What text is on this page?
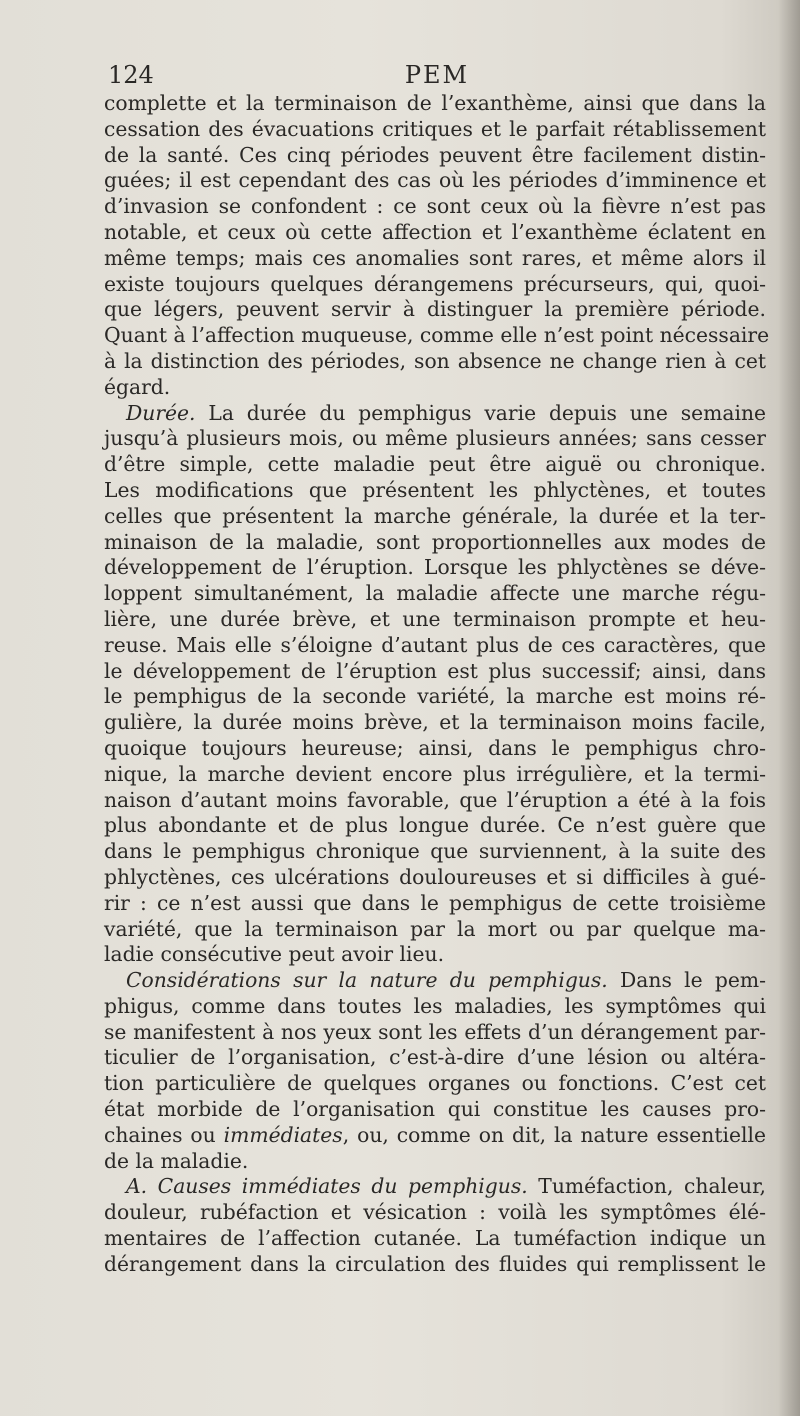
124	PEM
complette et la terminaison de l’exanthème, ainsi que dans la
cessation des évacuations critiques et le parfait rétablissement
de la santé. Ces cinq périodes peuvent être facilement distin-
guées; il est cependant des cas où les périodes d’imminence et
d’invasion se confondent : ce sont ceux où la fièvre n’est pas
notable, et ceux où cette affection et l’exanthème éclatent en
même temps; mais ces anomalies sont rares, et même alors il
existe toujours quelques dérangemens précurseurs, qui, quoi-
que légers, peuvent servir à distinguer la première période.
Quant à l’affection muqueuse, comme elle n’est point nécessaire
à la distinction des périodes, son absence ne change rien à cet
égard.
Durée. La durée du pemphigus varie depuis une semaine
jusqu’à plusieurs mois, ou même plusieurs années; sans cesser
d’être simple, cette maladie peut être aiguë ou chronique.
Les modifications que présentent les phlyctènes, et toutes
celles que présentent la marche générale, la durée et la ter-
minaison de la maladie, sont proportionnelles aux modes de
développement de l’éruption. Lorsque les phlyctènes se déve-
loppent simultanément, la maladie affecte une marche régu-
lière, une durée brève, et une terminaison prompte et heu-
reuse. Mais elle s’éloigne d’autant plus de ces caractères, que
le développement de l’éruption est plus successif; ainsi, dans
le pemphigus de la seconde variété, la marche est moins ré-
gulière, la durée moins brève, et la terminaison moins facile,
quoique toujours heureuse; ainsi, dans le pemphigus chro-
nique, la marche devient encore plus irrégulière, et la termi-
naison d’autant moins favorable, que l’éruption a été à la fois
plus abondante et de plus longue durée. Ce n’est guère que
dans le pemphigus chronique que surviennent, à la suite des
phlyctènes, ces ulcérations douloureuses et si difficiles à gué-
rir : ce n’est aussi que dans le pemphigus de cette troisième
variété, que la terminaison par la mort ou par quelque ma-
ladie consécutive peut avoir lieu.
Considérations sur la nature du pemphigus. Dans le pem-
phigus, comme dans toutes les maladies, les symptômes qui
se manifestent à nos yeux sont les effets d’un dérangement par-
ticulier de l’organisation, c’est-à-dire d’une lésion ou altéra-
tion particulière de quelques organes ou fonctions. C’est cet
état morbide de l’organisation qui constitue les causes pro-
chaines ou immédiates, ou, comme on dit, la nature essentielle
de la maladie.
A. Causes immédiates du pemphigus. Tuméfaction, chaleur,
douleur, rubéfaction et vésication : voilà les symptômes élé-
mentaires de l’affection cutanée. La tuméfaction indique un
dérangement dans la circulation des fluides qui remplissent le
